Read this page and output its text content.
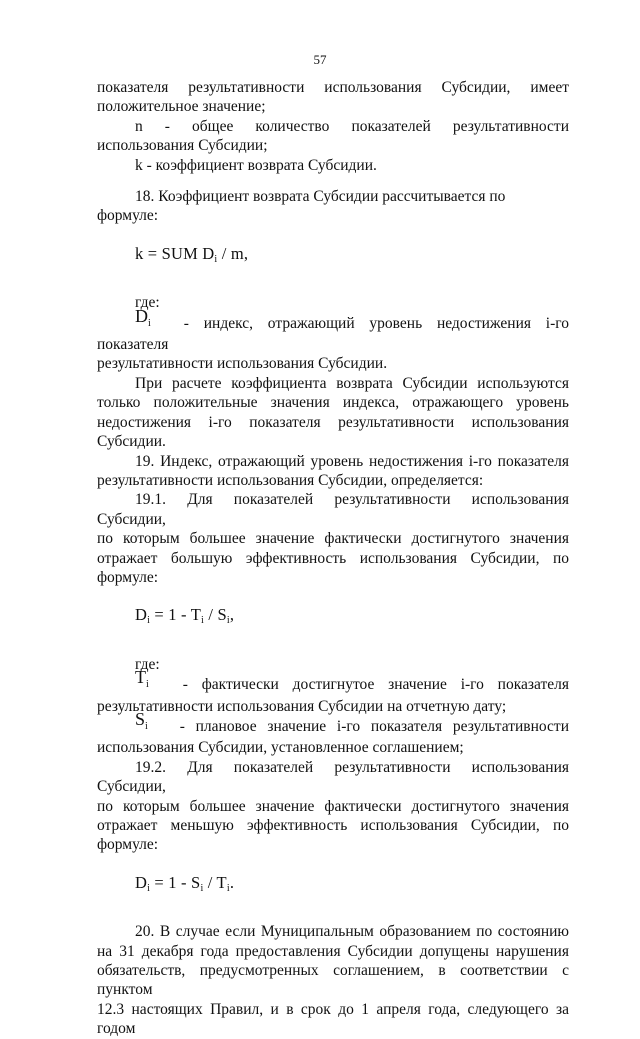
57

показателя результативности использования Субсидии, имеет

положительное значение;

n - общее количество показателей результативности

использования Субсидии;

k - коэффициент возврата Субсидии.

18. Коэффициент возврата Субсидии рассчитывается по формуле:

k = SUM $D_i$ / m,

где:

$D_i$ - индекс, отражающий уровень недостижения i-го показателя

результативности использования Субсидии.

При расчете коэффициента возврата Субсидии используются

только положительные значения индекса, отражающего уровень

недостижения i-го показателя результативности использования

Субсидии.

19. Индекс, отражающий уровень недостижения i-го показателя

результативности использования Субсидии, определяется:

19.1. Для показателей результативности использования Субсидии,

по которым большее значение фактически достигнутого значения

отражает большую эффективность использования Субсидии, по

формуле:

$D_i = 1 - T_i / S_i$,

где:

$T_i$ - фактически достигнутое значение i-го показателя

результативности использования Субсидии на отчетную дату;

$S_i$ - плановое значение i-го показателя результативности

использования Субсидии, установленное соглашением;

19.2. Для показателей результативности использования Субсидии,

по которым большее значение фактически достигнутого значения

отражает меньшую эффективность использования Субсидии, по

формуле:

$D_i = 1 - S_i / T_i$.

20. В случае если Муниципальным образованием по состоянию

на 31 декабря года предоставления Субсидии допущены нарушения

обязательств, предусмотренных соглашением, в соответствии с пунктом

12.3 настоящих Правил, и в срок до 1 апреля года, следующего за годом
